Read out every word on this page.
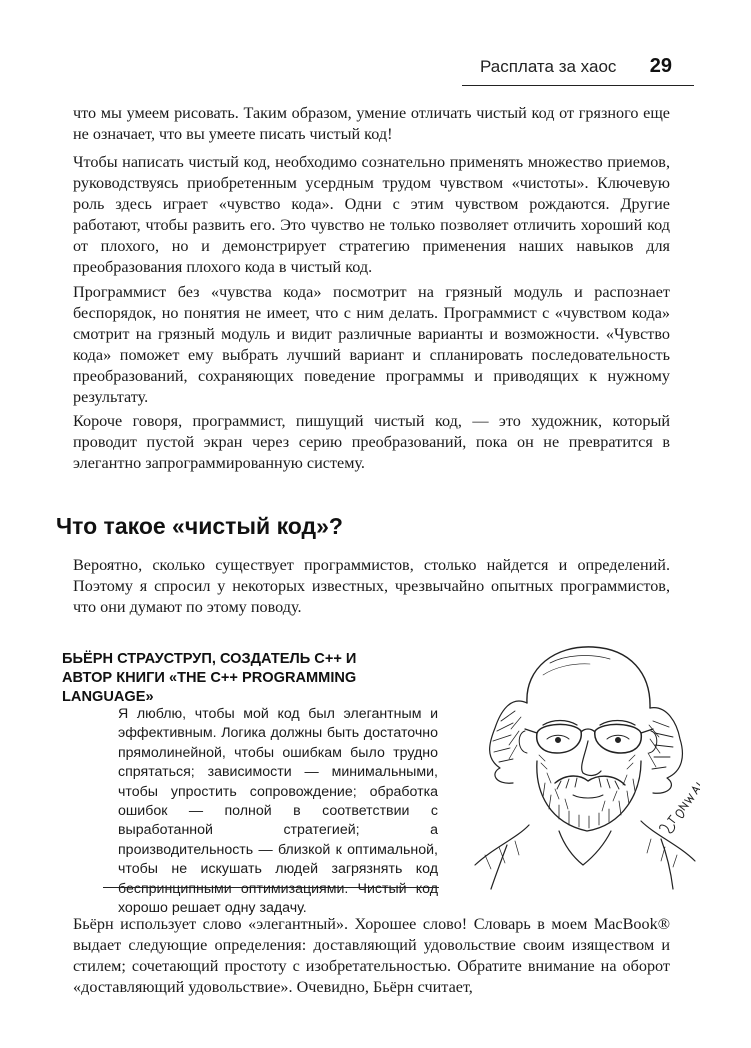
Расплата за хаос 29

что мы умеем рисовать. Таким образом, умение отличать чистый код от грязного еще не означает, что вы умеете писать чистый код!

Чтобы написать чистый код, необходимо сознательно применять множество приемов, руководствуясь приобретенным усердным трудом чувством «чистоты». Ключевую роль здесь играет «чувство кода». Одни с этим чувством рождаются. Другие работают, чтобы развить его. Это чувство не только позволяет отличить хороший код от плохого, но и демонстрирует стратегию применения наших навыков для преобразования плохого кода в чистый код.

Программист без «чувства кода» посмотрит на грязный модуль и распознает беспорядок, но понятия не имеет, что с ним делать. Программист с «чувством кода» смотрит на грязный модуль и видит различные варианты и возможности. «Чувство кода» поможет ему выбрать лучший вариант и спланировать последовательность преобразований, сохраняющих поведение программы и приводящих к нужному результату.

Короче говоря, программист, пишущий чистый код, — это художник, который проводит пустой экран через серию преобразований, пока он не превратится в элегантно запрограммированную систему.

Что такое «чистый код»?

Вероятно, сколько существует программистов, столько найдется и определений. Поэтому я спросил у некоторых известных, чрезвычайно опытных программистов, что они думают по этому поводу.

БЬЁРН СТРАУСТРУП, СОЗДАТЕЛЬ C++ И АВТОР КНИГИ «THE C++ PROGRAMMING LANGUAGE»
Я люблю, чтобы мой код был элегантным и эффективным. Логика должны быть достаточно прямолинейной, чтобы ошибкам было трудно спрятаться; зависимости — минимальными, чтобы упростить сопровождение; обработка ошибок — полной в соответствии с выработанной стратегией; а производительность — близкой к оптимальной, чтобы не искушать людей загрязнять код беспринципными оптимизациями. Чистый код хорошо решает одну задачу.

Бьёрн использует слово «элегантный». Хорошее слово! Словарь в моем MacBook® выдает следующие определения: доставляющий удовольствие своим изяществом и стилем; сочетающий простоту с изобретательностью. Обратите внимание на оборот «доставляющий удовольствие». Очевидно, Бьёрн считает,
